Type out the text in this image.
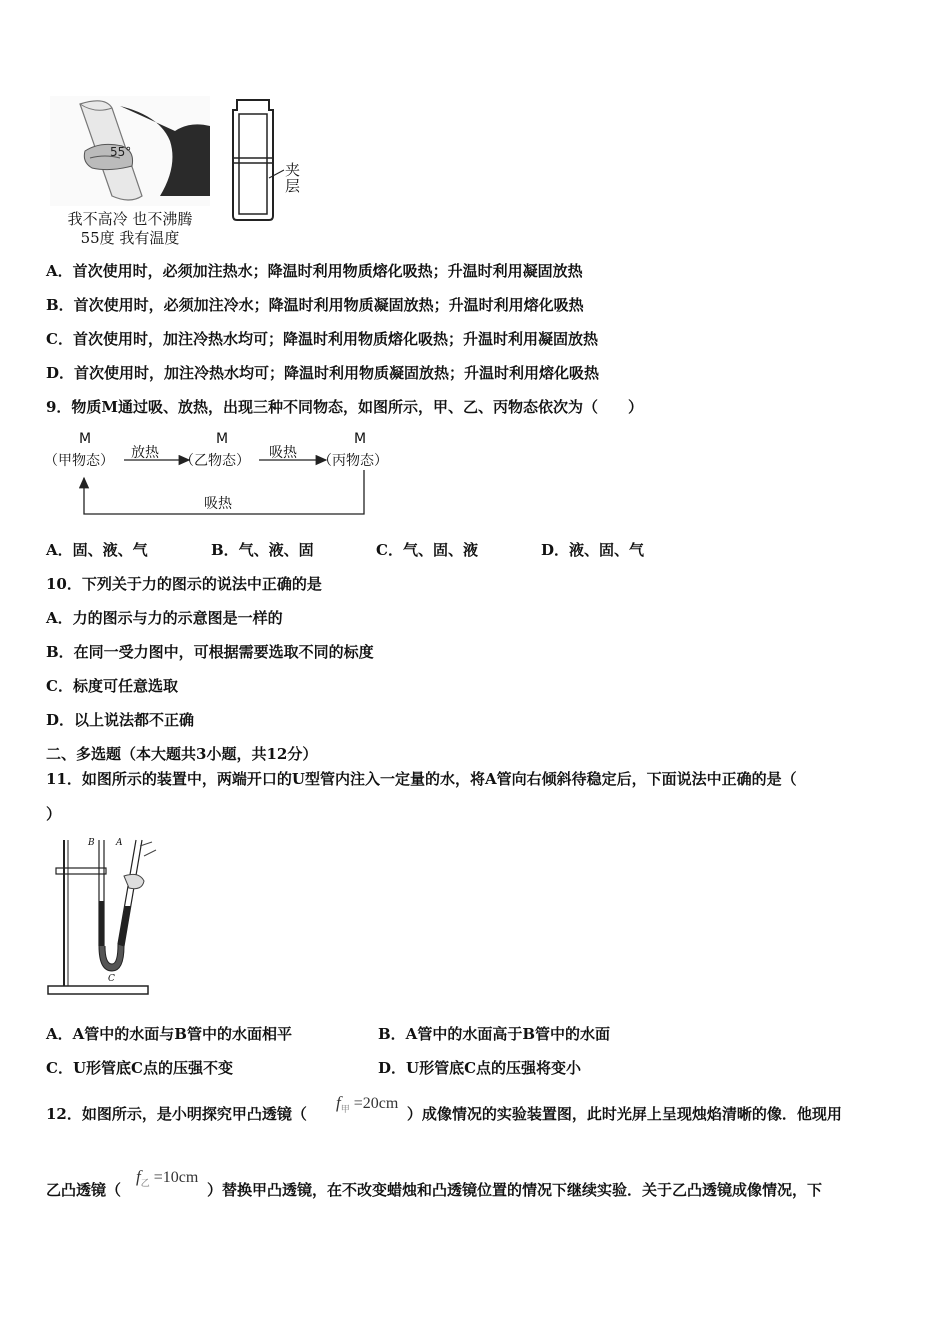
55°
我不高冷 也不沸腾
55度 我有温度
夹层
A．首次使用时，必须加注热水；降温时利用物质熔化吸热；升温时利用凝固放热
B．首次使用时，必须加注冷水；降温时利用物质凝固放热；升温时利用熔化吸热
C．首次使用时，加注冷热水均可；降温时利用物质熔化吸热；升温时利用凝固放热
D．首次使用时，加注冷热水均可；降温时利用物质凝固放热；升温时利用熔化吸热
9．物质M通过吸、放热，出现三种不同物态，如图所示，甲、乙、丙物态依次为（　　）
M
（甲物态） 放热
M
（乙物态） 吸热
M
（丙物态）
吸热
A．固、液、气	B．气、液、固	C．气、固、液	D．液、固、气
10．下列关于力的图示的说法中正确的是
A．力的图示与力的示意图是一样的
B．在同一受力图中，可根据需要选取不同的标度
C．标度可任意选取
D．以上说法都不正确
二、多选题（本大题共3小题，共12分）
11．如图所示的装置中，两端开口的U型管内注入一定量的水，将A管向右倾斜待稳定后，下面说法中正确的是（
）
B A
C
A．A管中的水面与B管中的水面相平	B．A管中的水面高于B管中的水面
C．U形管底C点的压强不变	D．U形管底C点的压强将变小
12．如图所示，是小明探究甲凸透镜（	）成像情况的实验装置图，此时光屏上呈现烛焰清晰的像．他现用
$f_甲 =20cm$
乙凸透镜（	）替换甲凸透镜，在不改变蜡烛和凸透镜位置的情况下继续实验．关于乙凸透镜成像情况，下
$f_乙 =10cm$
